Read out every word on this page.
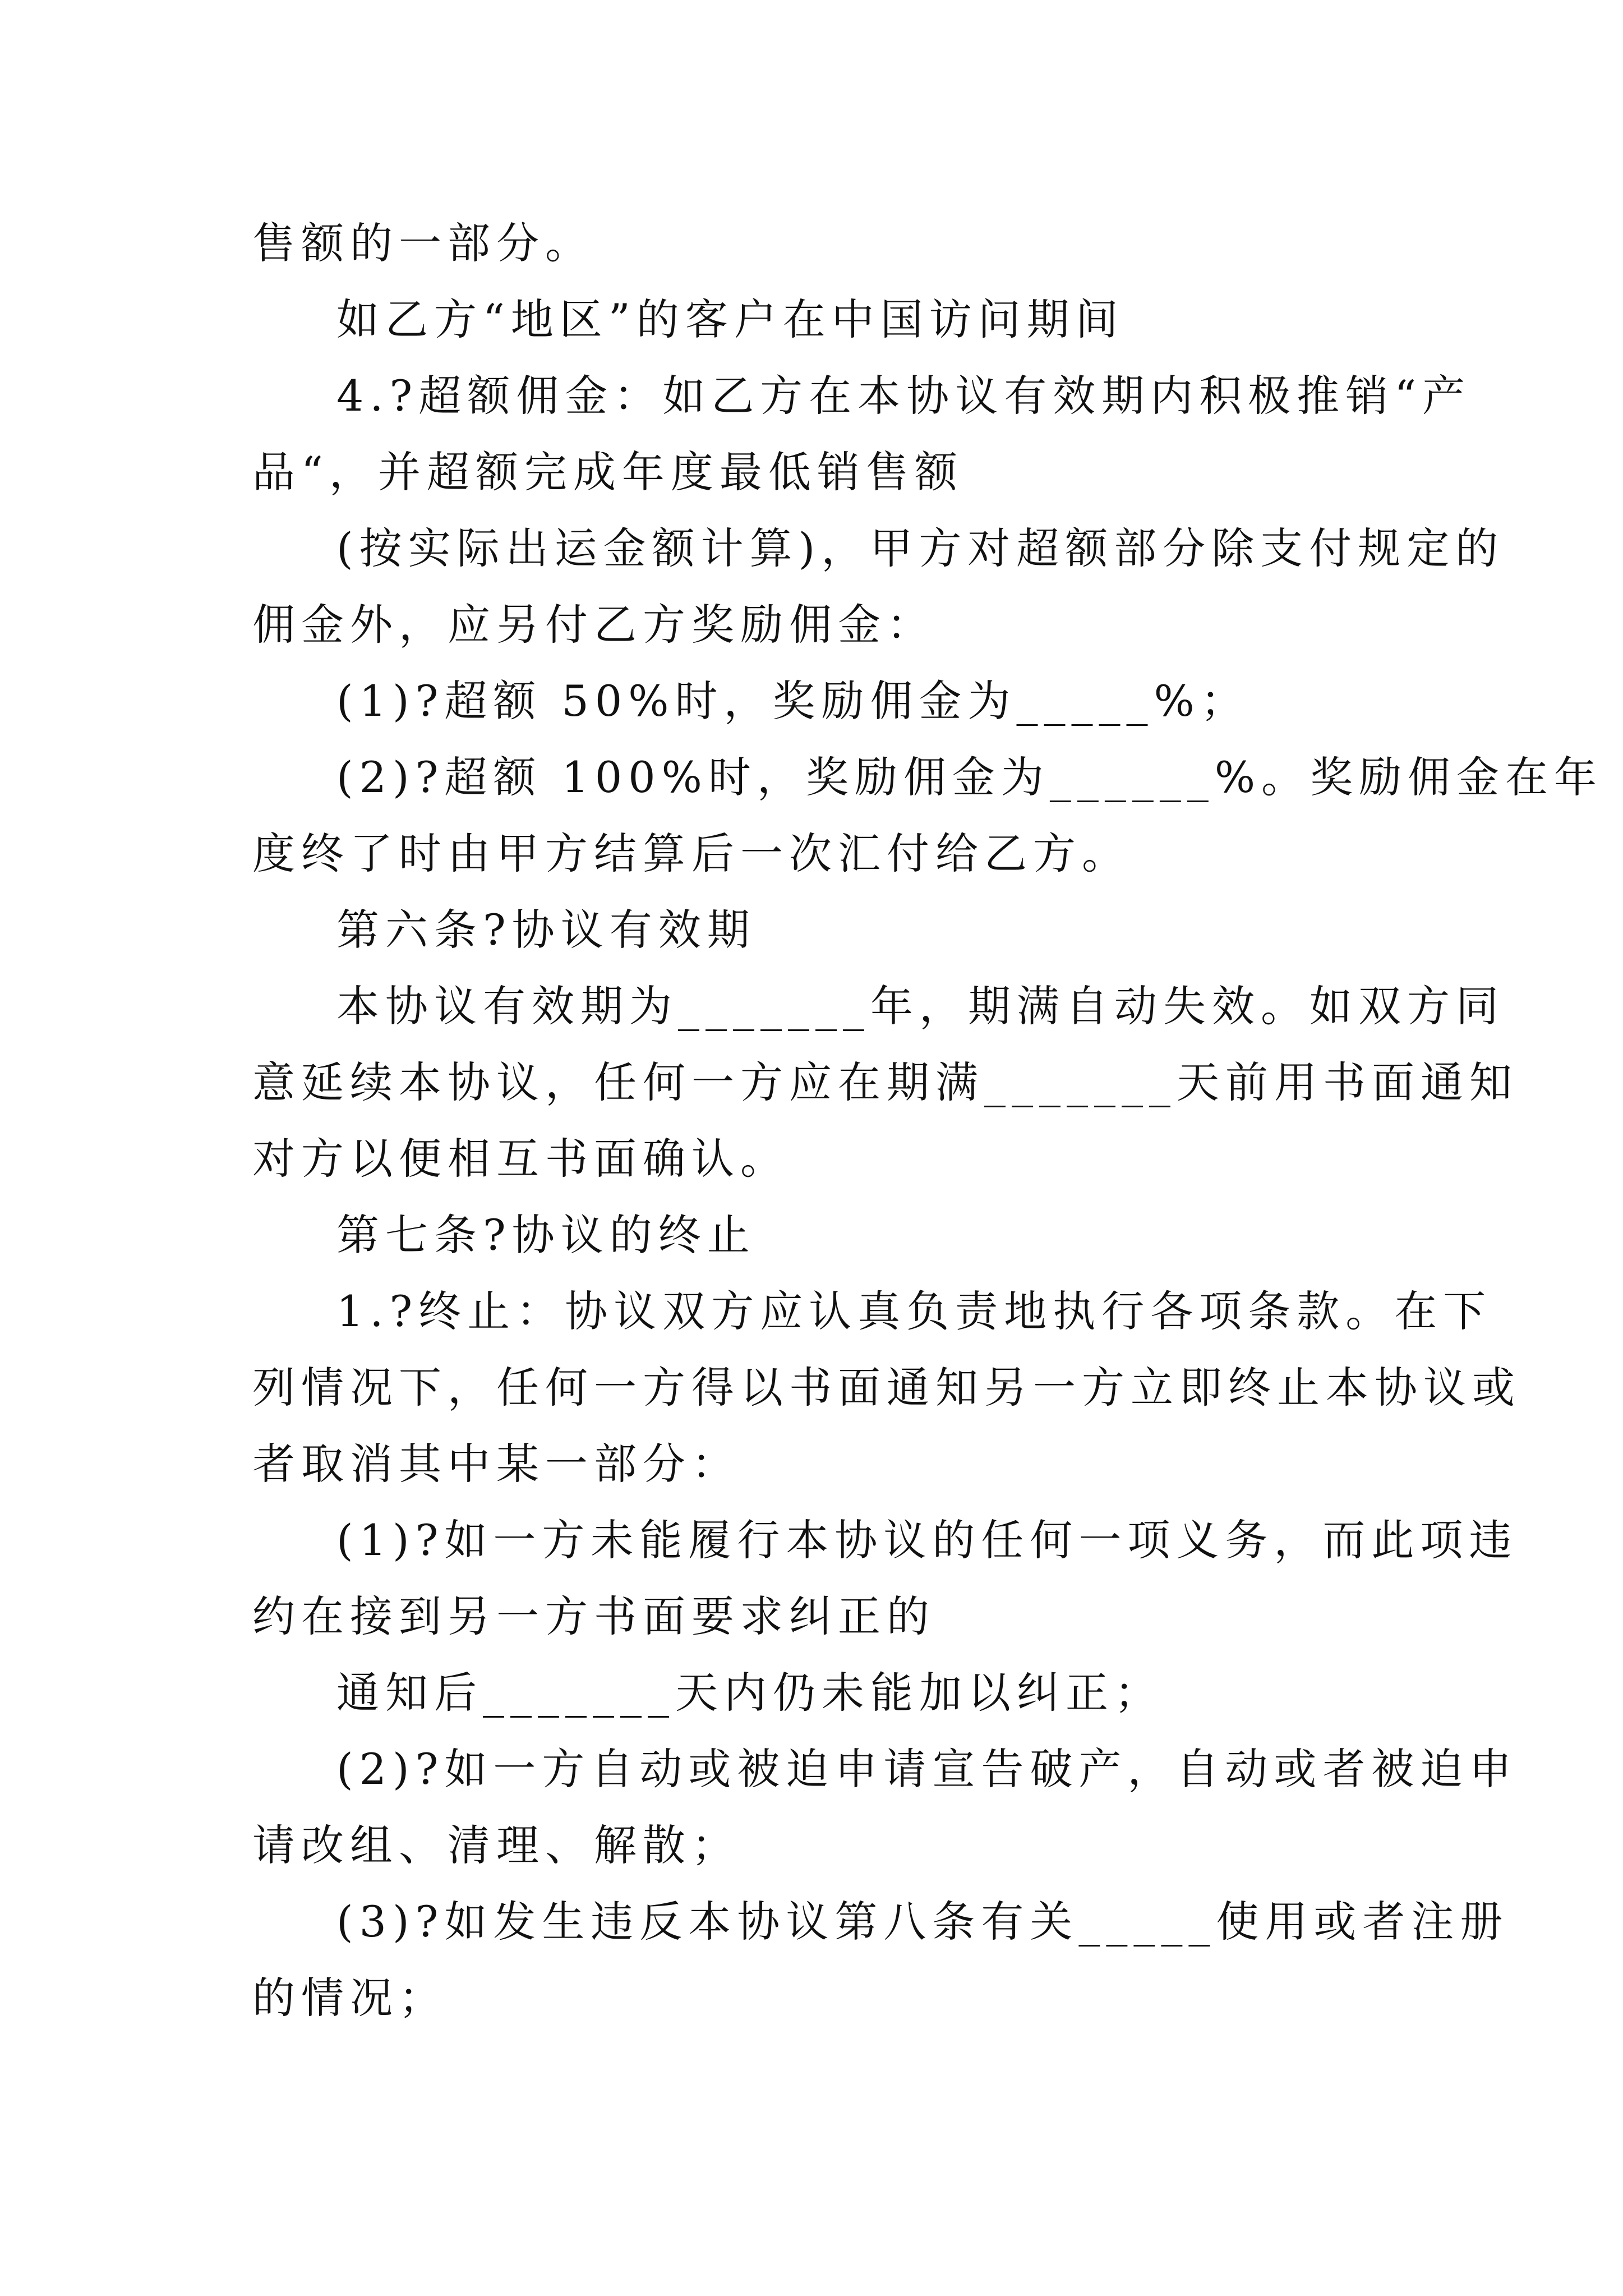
售额的一部分。
如乙方“地区”的客户在中国访问期间
4.?超额佣金：如乙方在本协议有效期内积极推销“产
品“，并超额完成年度最低销售额
(按实际出运金额计算)，甲方对超额部分除支付规定的
佣金外，应另付乙方奖励佣金：
(1)?超额 50%时，奖励佣金为_____%；
(2)?超额 100%时，奖励佣金为______%。奖励佣金在年
度终了时由甲方结算后一次汇付给乙方。
第六条?协议有效期
本协议有效期为_______年，期满自动失效。如双方同
意延续本协议，任何一方应在期满_______天前用书面通知
对方以便相互书面确认。
第七条?协议的终止
1.?终止：协议双方应认真负责地执行各项条款。在下
列情况下，任何一方得以书面通知另一方立即终止本协议或
者取消其中某一部分：
(1)?如一方未能履行本协议的任何一项义务，而此项违
约在接到另一方书面要求纠正的
通知后_______天内仍未能加以纠正；
(2)?如一方自动或被迫申请宣告破产，自动或者被迫申
请改组、清理、解散；
(3)?如发生违反本协议第八条有关_____使用或者注册
的情况；
